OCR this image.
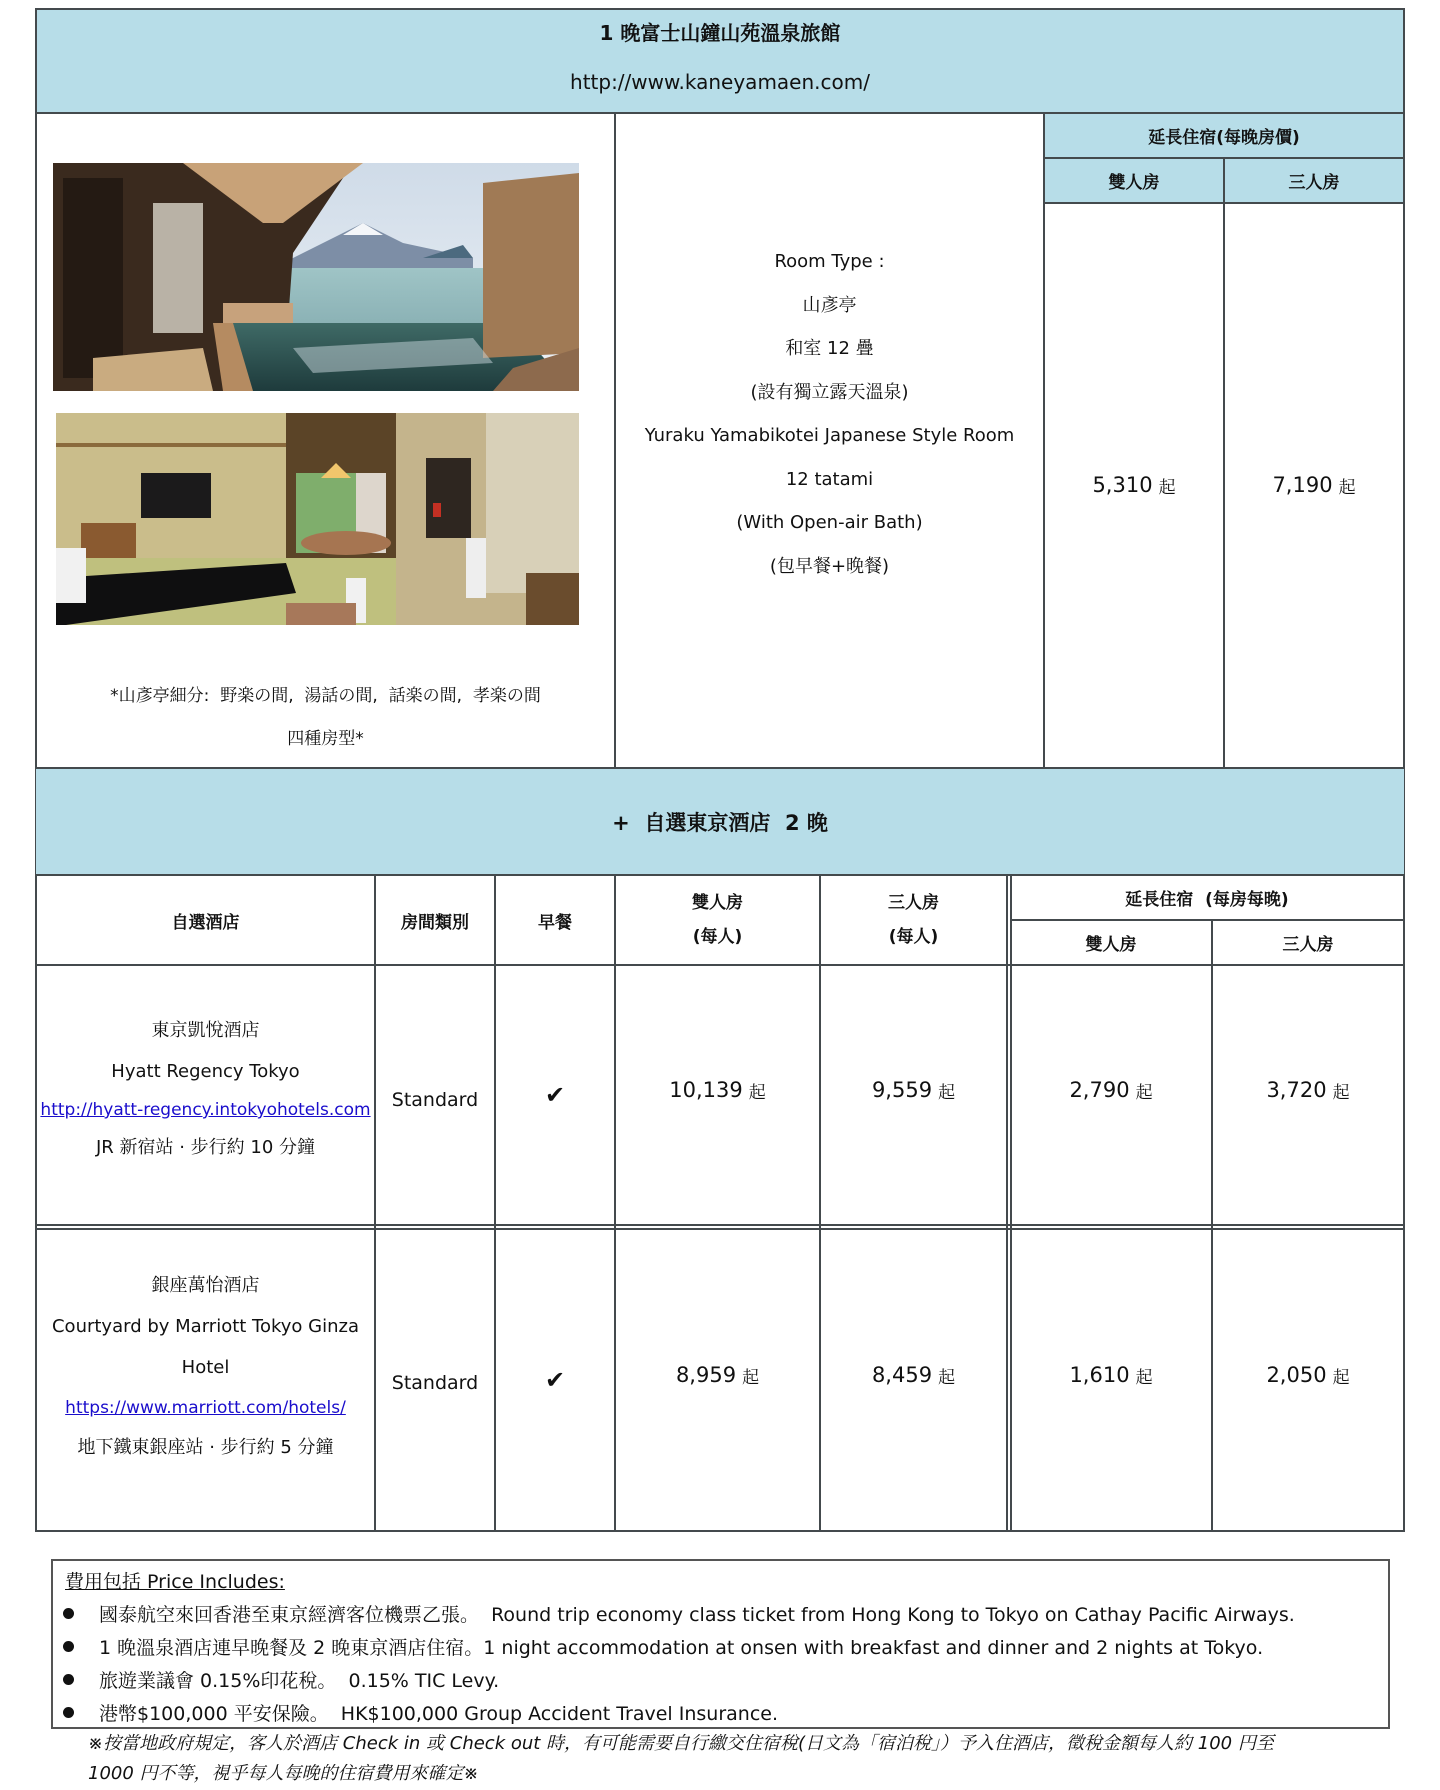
1 晚富士山鐘山苑溫泉旅館
http://www.kaneyamaen.com/
延長住宿(每晚房價)
雙人房	三人房
*山彥亭細分:  野楽の間,  湯話の間,  話楽の間,  孝楽の間
四種房型*
Room Type :
山彥亭
和室 12 疊
(設有獨立露天溫泉)
Yuraku Yamabikotei Japanese Style Room
12 tatami
(With Open-air Bath)
(包早餐+晚餐)
5,310 起	7,190 起
+  自選東京酒店  2 晚
自選酒店	房間類別	早餐
雙人房
(每人)
三人房
(每人)
延長住宿  (每房每晚)
雙人房	三人房
東京凱悅酒店
Hyatt Regency Tokyo
http://hyatt-regency.intokyohotels.com
JR 新宿站 · 步行約 10 分鐘
Standard	✔	10,139 起	9,559 起	2,790 起	3,720 起
銀座萬怡酒店
Courtyard by Marriott Tokyo Ginza
Hotel
https://www.marriott.com/hotels/
地下鐵東銀座站 · 步行約 5 分鐘
Standard	✔	8,959 起	8,459 起	1,610 起	2,050 起
費用包括 Price Includes:
國泰航空來回香港至東京經濟客位機票乙張。  Round trip economy class ticket from Hong Kong to Tokyo on Cathay Pacific Airways.
1 晚溫泉酒店連早晚餐及 2 晚東京酒店住宿。1 night accommodation at onsen with breakfast and dinner and 2 nights at Tokyo.
旅遊業議會 0.15%印花稅。  0.15% TIC Levy.
港幣$100,000 平安保險。  HK$100,000 Group Accident Travel Insurance.
※按當地政府規定，客人於酒店 Check in 或 Check out 時，有可能需要自行繳交住宿稅(日文為「宿泊稅」）予入住酒店，徵稅金額每人約 100 円至
1000 円不等，視乎每人每晚的住宿費用來確定※
